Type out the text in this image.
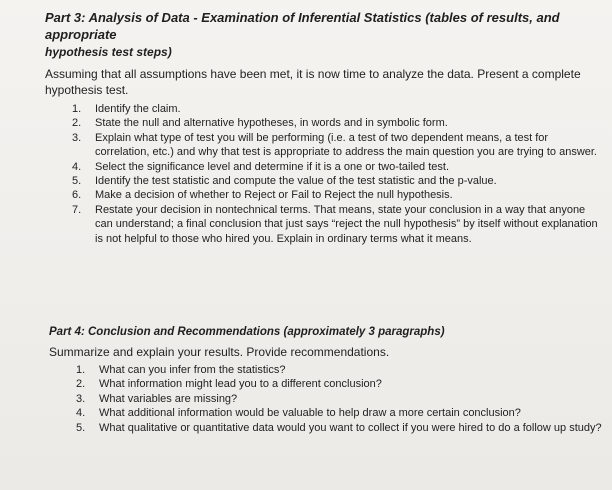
Part 3: Analysis of Data - Examination of Inferential Statistics (tables of results, and appropriate
hypothesis test steps)

Assuming that all assumptions have been met, it is now time to analyze the data. Present a complete hypothesis test.

1. Identify the claim.
2. State the null and alternative hypotheses, in words and in symbolic form.
3. Explain what type of test you will be performing (i.e. a test of two dependent means, a test for correlation, etc.) and why that test is appropriate to address the main question you are trying to answer.
4. Select the significance level and determine if it is a one or two-tailed test.
5. Identify the test statistic and compute the value of the test statistic and the p-value.
6. Make a decision of whether to Reject or Fail to Reject the null hypothesis.
7. Restate your decision in nontechnical terms. That means, state your conclusion in a way that anyone can understand; a final conclusion that just says “reject the null hypothesis” by itself without explanation is not helpful to those who hired you. Explain in ordinary terms what it means.

Part 4: Conclusion and Recommendations (approximately 3 paragraphs)

Summarize and explain your results. Provide recommendations.

1. What can you infer from the statistics?
2. What information might lead you to a different conclusion?
3. What variables are missing?
4. What additional information would be valuable to help draw a more certain conclusion?
5. What qualitative or quantitative data would you want to collect if you were hired to do a follow up study?
